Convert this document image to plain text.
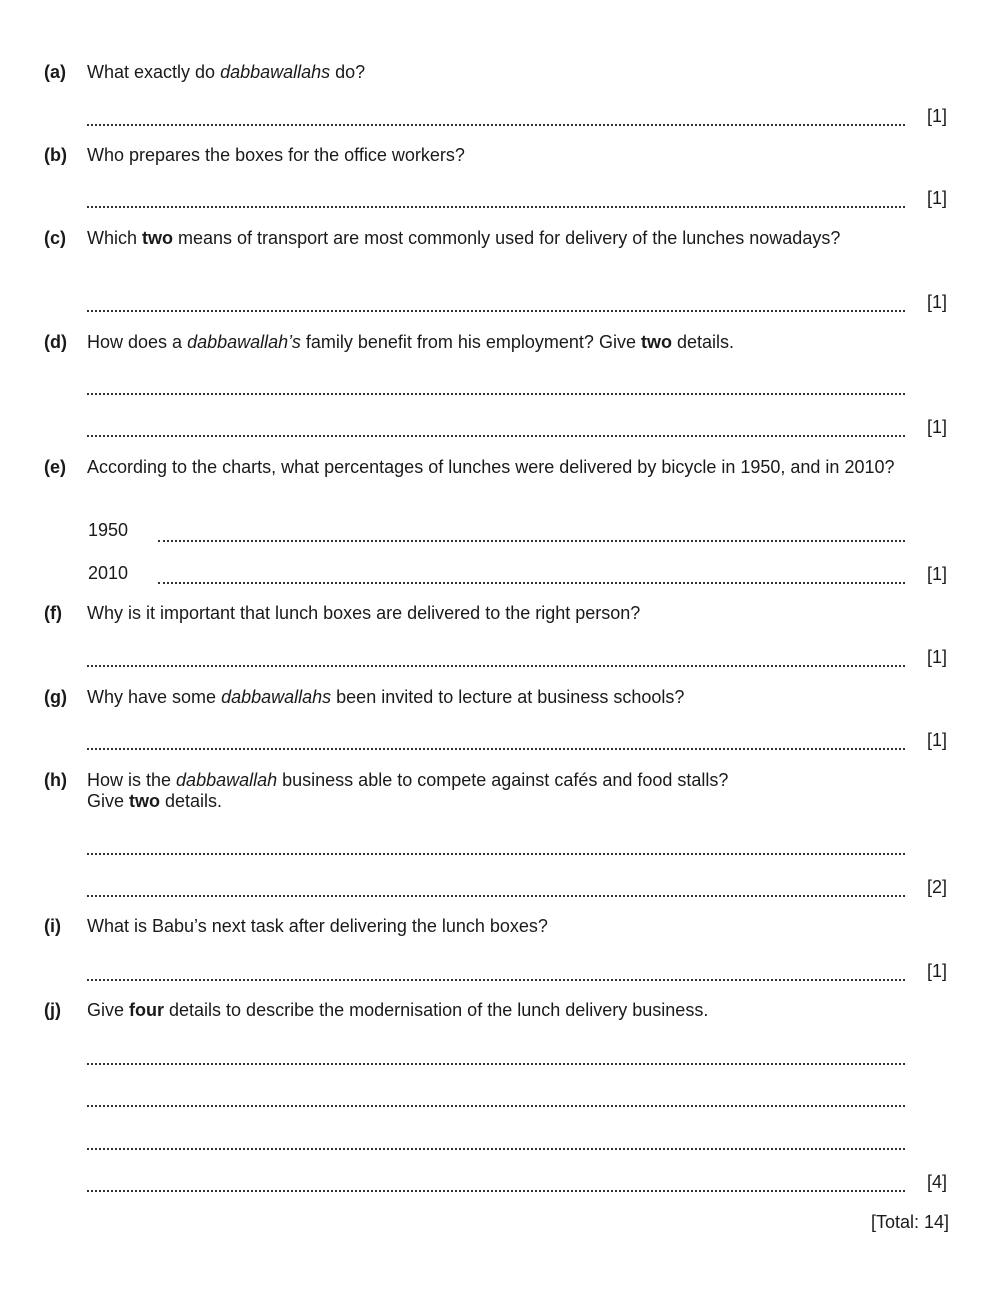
(a) What exactly do dabbawallahs do?
[1]
(b) Who prepares the boxes for the office workers?
[1]
(c) Which two means of transport are most commonly used for delivery of the lunches nowadays?
[1]
(d) How does a dabbawallah’s family benefit from his employment? Give two details.
[1]
(e) According to the charts, what percentages of lunches were delivered by bicycle in 1950, and in 2010?
1950
2010	[1]
(f) Why is it important that lunch boxes are delivered to the right person?
[1]
(g) Why have some dabbawallahs been invited to lecture at business schools?
[1]
(h) How is the dabbawallah business able to compete against cafés and food stalls?
Give two details.
[2]
(i) What is Babu’s next task after delivering the lunch boxes?
[1]
(j) Give four details to describe the modernisation of the lunch delivery business.
[4]
[Total: 14]
